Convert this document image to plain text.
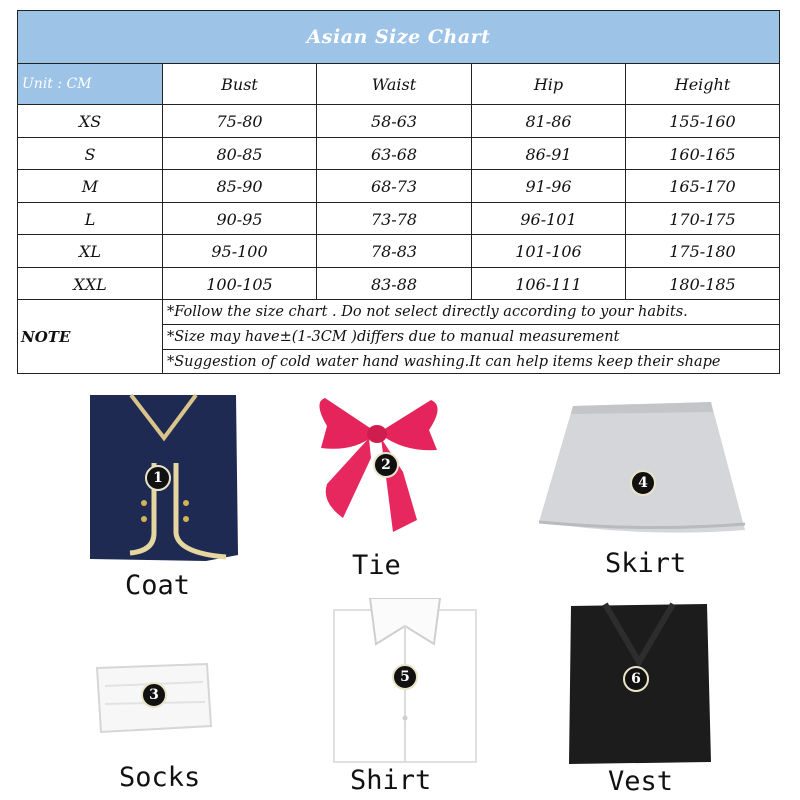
Asian Size Chart
Unit : CM	Bust	Waist	Hip	Height
XS	75-80	58-63	81-86	155-160
S	80-85	63-68	86-91	160-165
M	85-90	68-73	91-96	165-170
L	90-95	73-78	96-101	170-175
XL	95-100	78-83	101-106	175-180
XXL	100-105	83-88	106-111	180-185
NOTE
*Follow the size chart . Do not select directly according to your habits.
*Size may have±(1-3CM )differs due to manual measurement
*Suggestion of cold water hand washing.It can help items keep their shape
1
Coat
2
Tie
4
Skirt
3
Socks
5
Shirt
6
Vest
